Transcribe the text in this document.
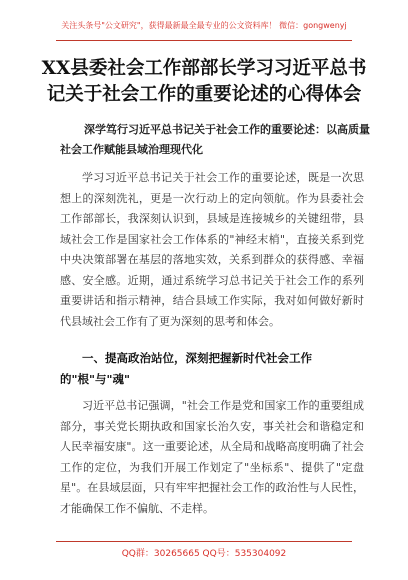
关注头条号"公文研究"，获得最新最全最专业的公文资料库！ 微信：gongwenyj
XX县委社会工作部部长学习习近平总书记关于社会工作的重要论述的心得体会
深学笃行习近平总书记关于社会工作的重要论述：以高质量社会工作赋能县域治理现代化

学习习近平总书记关于社会工作的重要论述，既是一次思想上的深刻洗礼，更是一次行动上的定向领航。作为县委社会工作部部长，我深刻认识到，县域是连接城乡的关键纽带，县域社会工作是国家社会工作体系的"神经末梢"，直接关系到党中央决策部署在基层的落地实效，关系到群众的获得感、幸福感、安全感。近期，通过系统学习总书记关于社会工作的系列重要讲话和指示精神，结合县域工作实际，我对如何做好新时代县域社会工作有了更为深刻的思考和体会。

一、提高政治站位，深刻把握新时代社会工作的"根"与"魂"

习近平总书记强调，"社会工作是党和国家工作的重要组成部分，事关党长期执政和国家长治久安，事关社会和谐稳定和人民幸福安康"。这一重要论述，从全局和战略高度明确了社会工作的定位，为我们开展工作划定了"坐标系"、提供了"定盘星"。在县域层面，只有牢牢把握社会工作的政治性与人民性，才能确保工作不偏航、不走样。

QQ群：30265665 QQ号：535304092
